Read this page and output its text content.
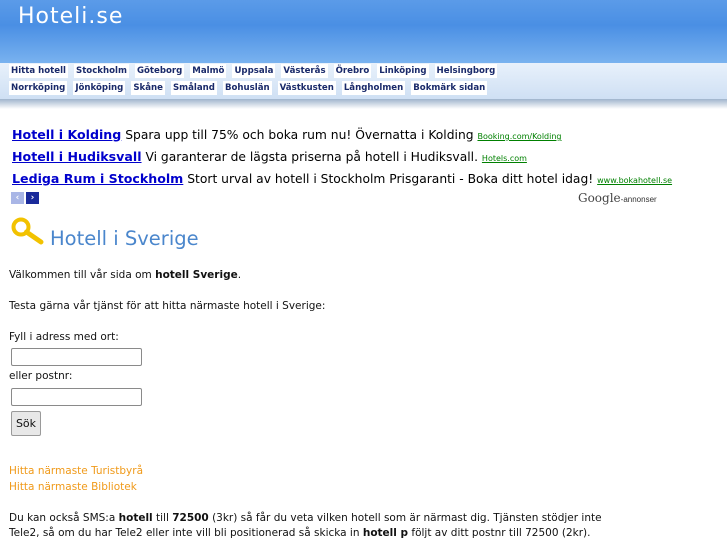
Hoteli.se
Hitta hotell Stockholm Göteborg Malmö Uppsala Västerås Örebro Linköping Helsingborg
Norrköping Jönköping Skåne Småland Bohuslän Västkusten Långholmen Bokmärk sidan
Hotell i Kolding Spara upp till 75% och boka rum nu! Övernatta i Kolding Booking.com/Kolding
Hotell i Hudiksvall Vi garanterar de lägsta priserna på hotell i Hudiksvall. Hotels.com
Lediga Rum i Stockholm Stort urval av hotell i Stockholm Prisgaranti - Boka ditt hotel idag! www.bokahotell.se
‹	›	Google-annonser
Hotell i Sverige
Välkommen till vår sida om hotell Sverige.
Testa gärna vår tjänst för att hitta närmaste hotell i Sverige:
Fyll i adress med ort:
eller postnr:
Sök
Hitta närmaste Turistbyrå
Hitta närmaste Bibliotek
Du kan också SMS:a hotell till 72500 (3kr) så får du veta vilken hotell som är närmast dig. Tjänsten stödjer inte
Tele2, så om du har Tele2 eller inte vill bli positionerad så skicka in hotell p följt av ditt postnr till 72500 (2kr).
